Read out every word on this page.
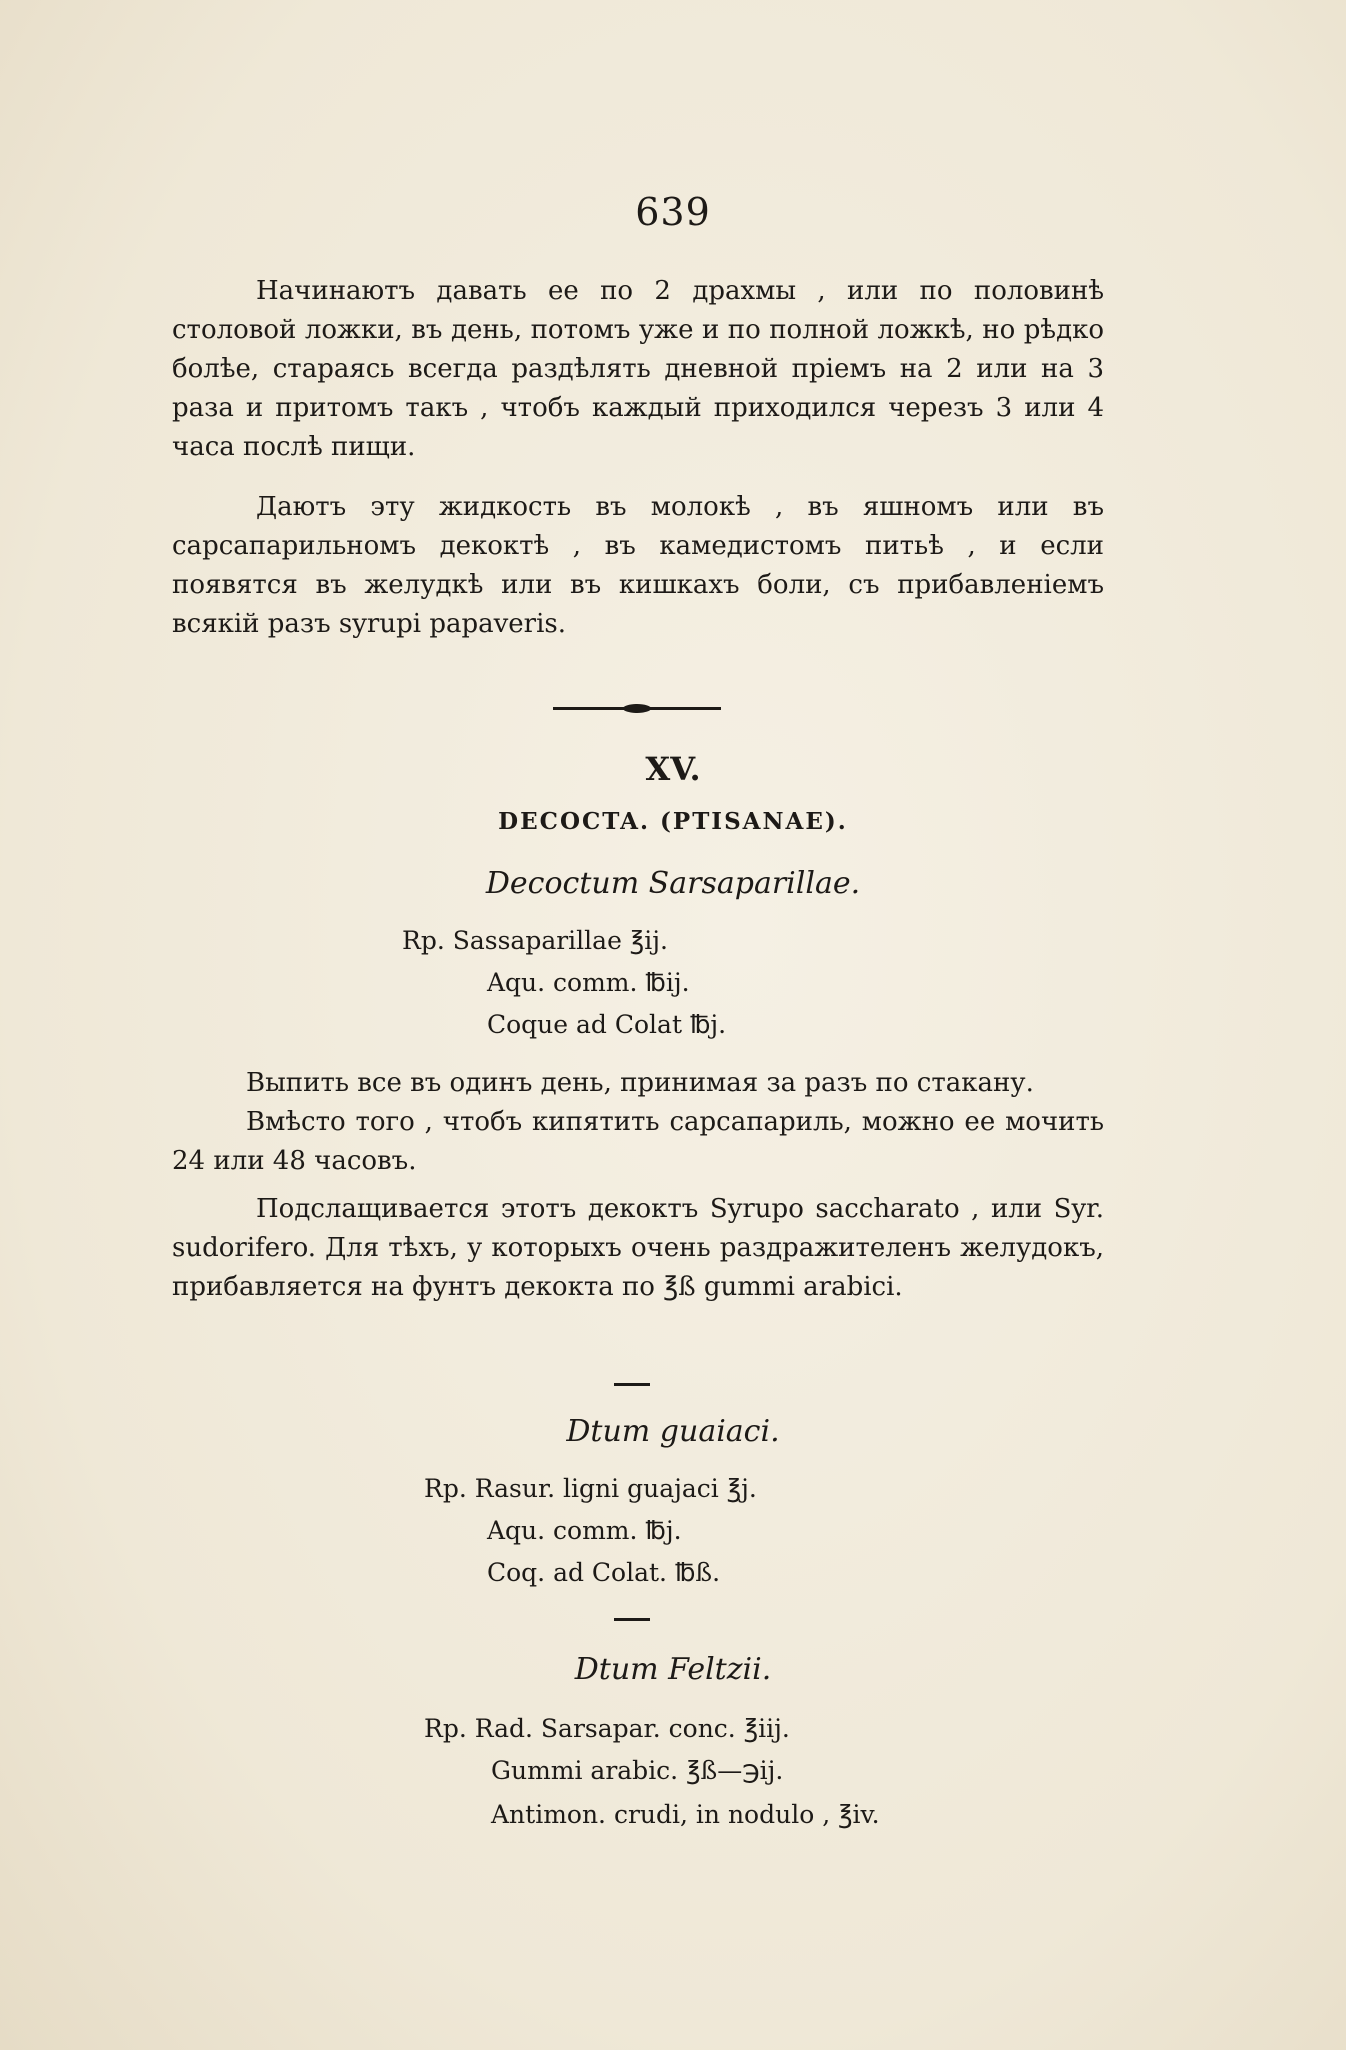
639

Начинаютъ давать ее по 2 драхмы , или по половинѣ столовой ложки, въ день, потомъ уже и по полной ложкѣ, но рѣдко болѣе, стараясь всегда раздѣлять дневной пріемъ на 2 или на 3 раза и притомъ такъ , чтобъ каждый приходился черезъ 3 или 4 часа послѣ пищи.

Даютъ эту жидкость въ молокѣ , въ яшномъ или въ сарсапарильномъ декоктѣ , въ камедистомъ питьѣ , и если появятся въ желудкѣ или въ кишкахъ боли, съ прибавленіемъ всякій разъ syrupi papaveris.

XV.
DECOCTA. (PTISANAE).
Decoctum Sarsaparillae.
Rp. Sassaparillae ℥ij.
Aqu. comm. ℔ij.
Coque ad Colat ℔j.

Выпить все въ одинъ день, принимая за разъ по стакану.

Вмѣсто того , чтобъ кипятить сарсапариль, можно ее мочить 24 или 48 часовъ.

Подслащивается этотъ декоктъ Syrupo saccharato , или Syr. sudorifero. Для тѣхъ, у которыхъ очень раздражителенъ желудокъ, прибавляется на фунтъ декокта по ℥ß gummi arabici.

Dtum guaiaci.
Rp. Rasur. ligni guajaci ℥j.
Aqu. comm. ℔j.
Coq. ad Colat. ℔ß.
Dtum Feltzii.
Rp. Rad. Sarsapar. conc. ℥iij.
Gummi arabic. ℥ß—℈ij.
Antimon. crudi, in nodulo , ℥iv.
